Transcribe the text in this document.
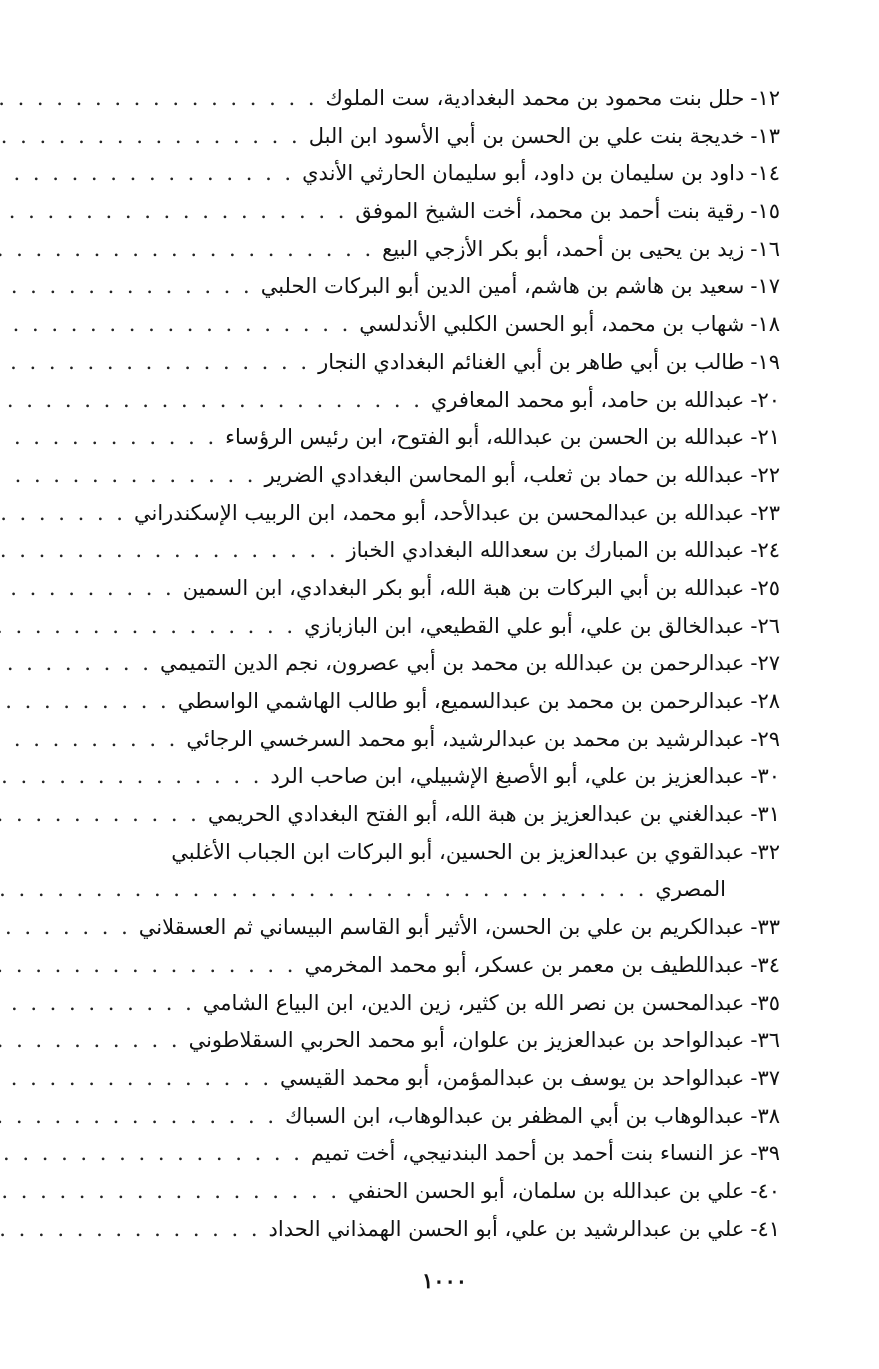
١٢-
حلل بنت محمود بن محمد البغدادية، ست الملوك
. . .
١٣-
خديجة بنت علي بن الحسن بن أبي الأسود ابن البل
. . .
١٤-
داود بن سليمان بن داود، أبو سليمان الحارثي الأندي
. . .
١٥-
رقية بنت أحمد بن محمد، أخت الشيخ الموفق
. . .
١٦-
زيد بن يحيى بن أحمد، أبو بكر الأزجي البيع
. . .
١٧-
سعيد بن هاشم بن هاشم، أمين الدين أبو البركات الحلبي
. . .
١٨-
شهاب بن محمد، أبو الحسن الكلبي الأندلسي
. . .
١٩-
طالب بن أبي طاهر بن أبي الغنائم البغدادي النجار
. . .
٢٠-
عبدالله بن حامد، أبو محمد المعافري
. . .
٢١-
عبدالله بن الحسن بن عبدالله، أبو الفتوح، ابن رئيس الرؤساء
. . .
٢٢-
عبدالله بن حماد بن ثعلب، أبو المحاسن البغدادي الضرير
. . .
٢٣-
عبدالله بن عبدالمحسن بن عبدالأحد، أبو محمد، ابن الربيب الإسكندراني
. . .
٢٤-
عبدالله بن المبارك بن سعدالله البغدادي الخباز
. . .
٢٥-
عبدالله بن أبي البركات بن هبة الله، أبو بكر البغدادي، ابن السمين
. . .
٢٦-
عبدالخالق بن علي، أبو علي القطيعي، ابن البازبازي
. . .
٢٧-
عبدالرحمن بن عبدالله بن محمد بن أبي عصرون، نجم الدين التميمي
. . .
٢٨-
عبدالرحمن بن محمد بن عبدالسميع، أبو طالب الهاشمي الواسطي
. . .
٢٩-
عبدالرشيد بن محمد بن عبدالرشيد، أبو محمد السرخسي الرجائي
. . .
٣٠-
عبدالعزيز بن علي، أبو الأصبغ الإشبيلي، ابن صاحب الرد
. . .
٣١-
عبدالغني بن عبدالعزيز بن هبة الله، أبو الفتح البغدادي الحريمي
. . .
٣٢-
عبدالقوي بن عبدالعزيز بن الحسين، أبو البركات ابن الجباب الأغلبي
المصري
. . .
٣٣-
عبدالكريم بن علي بن الحسن، الأثير أبو القاسم البيساني ثم العسقلاني
. . .
٣٤-
عبداللطيف بن معمر بن عسكر، أبو محمد المخرمي
. . .
٣٥-
عبدالمحسن بن نصر الله بن كثير، زين الدين، ابن البياع الشامي
. . .
٣٦-
عبدالواحد بن عبدالعزيز بن علوان، أبو محمد الحربي السقلاطوني
. . .
٣٧-
عبدالواحد بن يوسف بن عبدالمؤمن، أبو محمد القيسي
. . .
٣٨-
عبدالوهاب بن أبي المظفر بن عبدالوهاب، ابن السباك
. . .
٣٩-
عز النساء بنت أحمد بن أحمد البندنيجي، أخت تميم
. . .
٤٠-
علي بن عبدالله بن سلمان، أبو الحسن الحنفي
. . .
٤١-
علي بن عبدالرشيد بن علي، أبو الحسن الهمذاني الحداد
. . .
١٠٠٠
